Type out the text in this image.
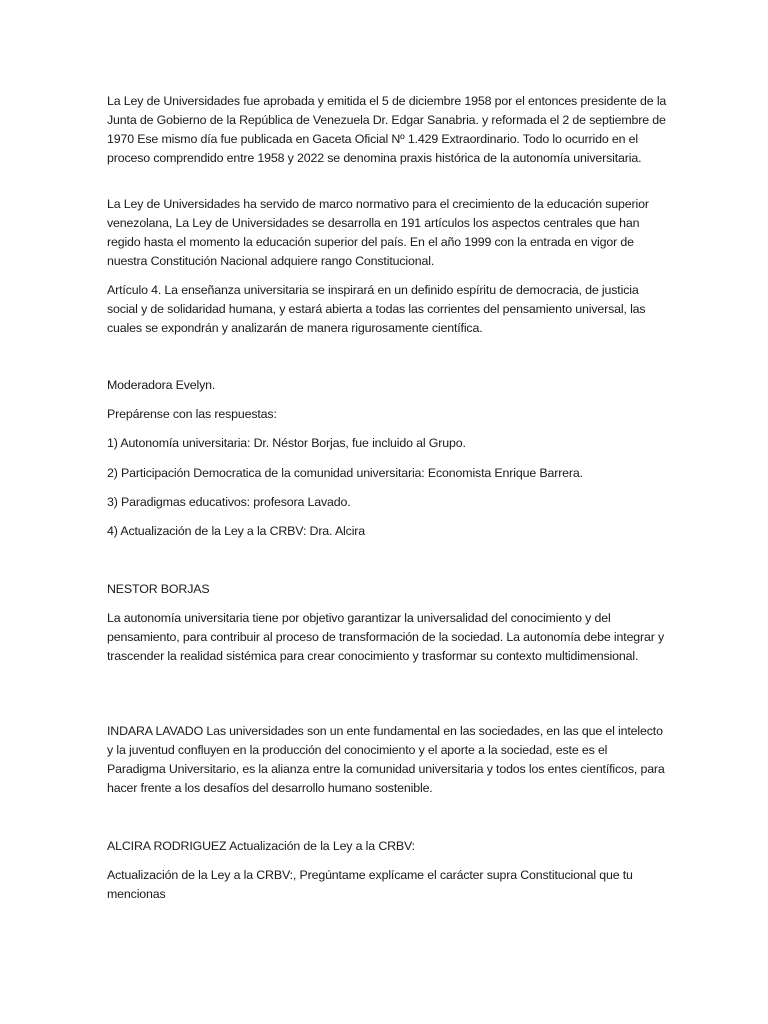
La Ley de Universidades fue aprobada y emitida el 5 de diciembre 1958 por el entonces presidente de la Junta de Gobierno de la República de Venezuela Dr. Edgar Sanabria. y reformada el 2 de septiembre de 1970 Ese mismo día fue publicada en Gaceta Oficial Nº 1.429 Extraordinario. Todo lo ocurrido en el proceso comprendido entre 1958 y 2022 se denomina praxis histórica de la autonomía universitaria.

La Ley de Universidades ha servido de marco normativo para el crecimiento de la educación superior venezolana, La Ley de Universidades se desarrolla en 191 artículos los aspectos centrales que han regido hasta el momento la educación superior del país. En el año 1999 con la entrada en vigor de nuestra Constitución Nacional adquiere rango Constitucional.

Artículo 4. La enseñanza universitaria se inspirará en un definido espíritu de democracia, de justicia social y de solidaridad humana, y estará abierta a todas las corrientes del pensamiento universal, las cuales se expondrán y analizarán de manera rigurosamente científica.

Moderadora Evelyn.

Prepárense con las respuestas:

1) Autonomía universitaria: Dr. Néstor Borjas, fue incluido al Grupo.

2) Participación Democratica de la comunidad universitaria: Economista Enrique Barrera.

3) Paradigmas educativos: profesora Lavado.

4) Actualización de la Ley a la CRBV: Dra. Alcira

NESTOR BORJAS

La autonomía universitaria tiene por objetivo garantizar la universalidad del conocimiento y del pensamiento, para contribuir al proceso de transformación de la sociedad. La autonomía debe integrar y trascender la realidad sistémica para crear conocimiento y trasformar su contexto multidimensional.

INDARA LAVADO Las universidades son un ente fundamental en las sociedades, en las que el intelecto y la juventud confluyen en la producción del conocimiento y el aporte a la sociedad, este es el Paradigma Universitario, es la alianza entre la comunidad universitaria y todos los entes científicos, para hacer frente a los desafíos del desarrollo humano sostenible.

ALCIRA RODRIGUEZ Actualización de la Ley a la CRBV:

Actualización de la Ley a la CRBV:, Pregúntame explícame el carácter supra Constitucional que tu mencionas
